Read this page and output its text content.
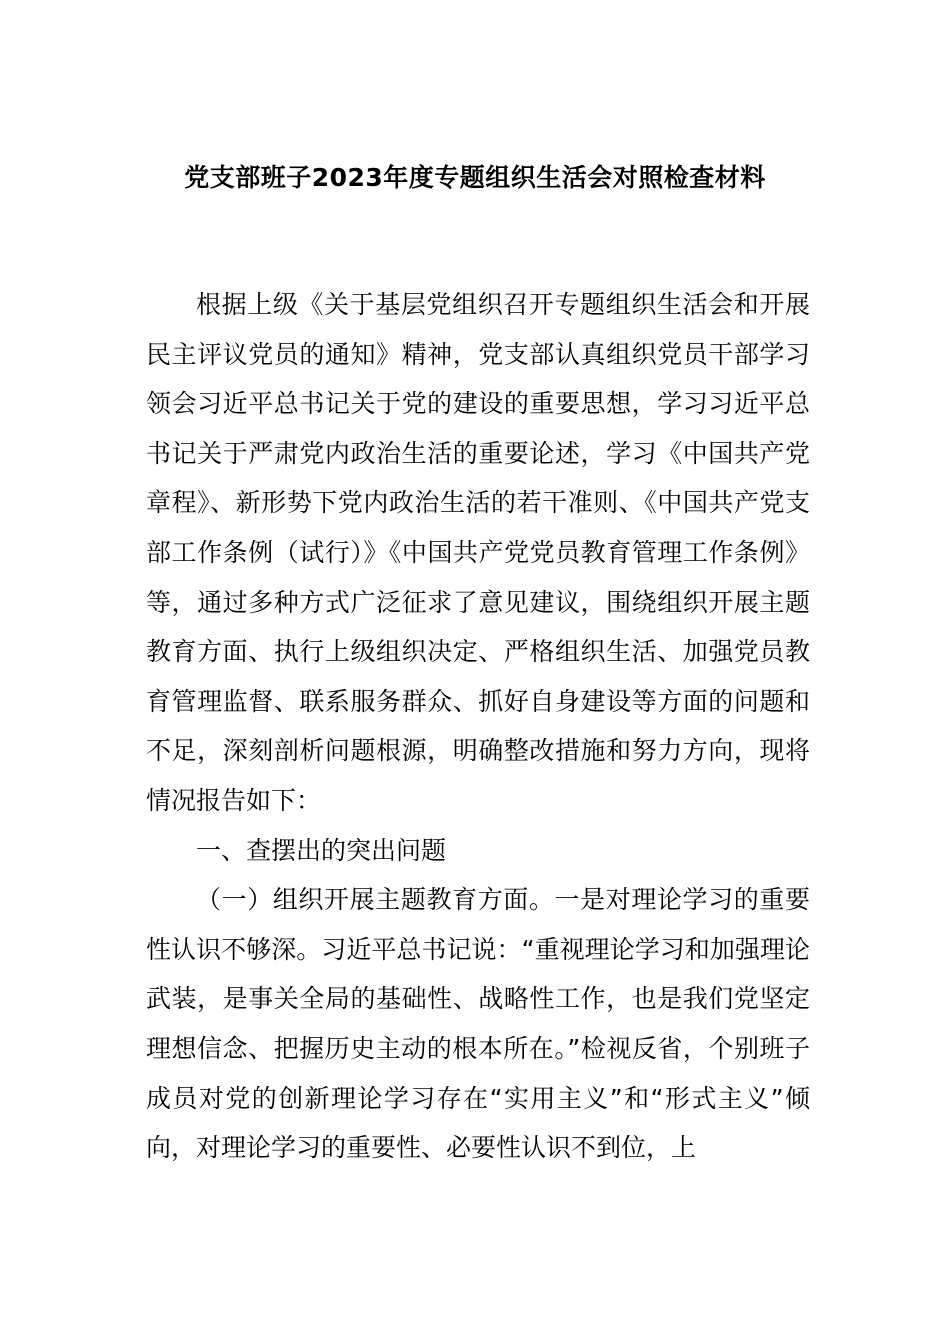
党支部班子2023年度专题组织生活会对照检查材料

根据上级《关于基层党组织召开专题组织生活会和开展民主评议党员的通知》精神，党支部认真组织党员干部学习领会习近平总书记关于党的建设的重要思想，学习习近平总书记关于严肃党内政治生活的重要论述，学习《中国共产党章程》、新形势下党内政治生活的若干准则、《中国共产党支部工作条例（试行）》《中国共产党党员教育管理工作条例》等，通过多种方式广泛征求了意见建议，围绕组织开展主题教育方面、执行上级组织决定、严格组织生活、加强党员教育管理监督、联系服务群众、抓好自身建设等方面的问题和不足，深刻剖析问题根源，明确整改措施和努力方向，现将情况报告如下：

一、查摆出的突出问题

（一）组织开展主题教育方面。一是对理论学习的重要性认识不够深。习近平总书记说：“重视理论学习和加强理论武装，是事关全局的基础性、战略性工作，也是我们党坚定理想信念、把握历史主动的根本所在。”检视反省，个别班子成员对党的创新理论学习存在“实用主义”和“形式主义”倾向，对理论学习的重要性、必要性认识不到位，上
